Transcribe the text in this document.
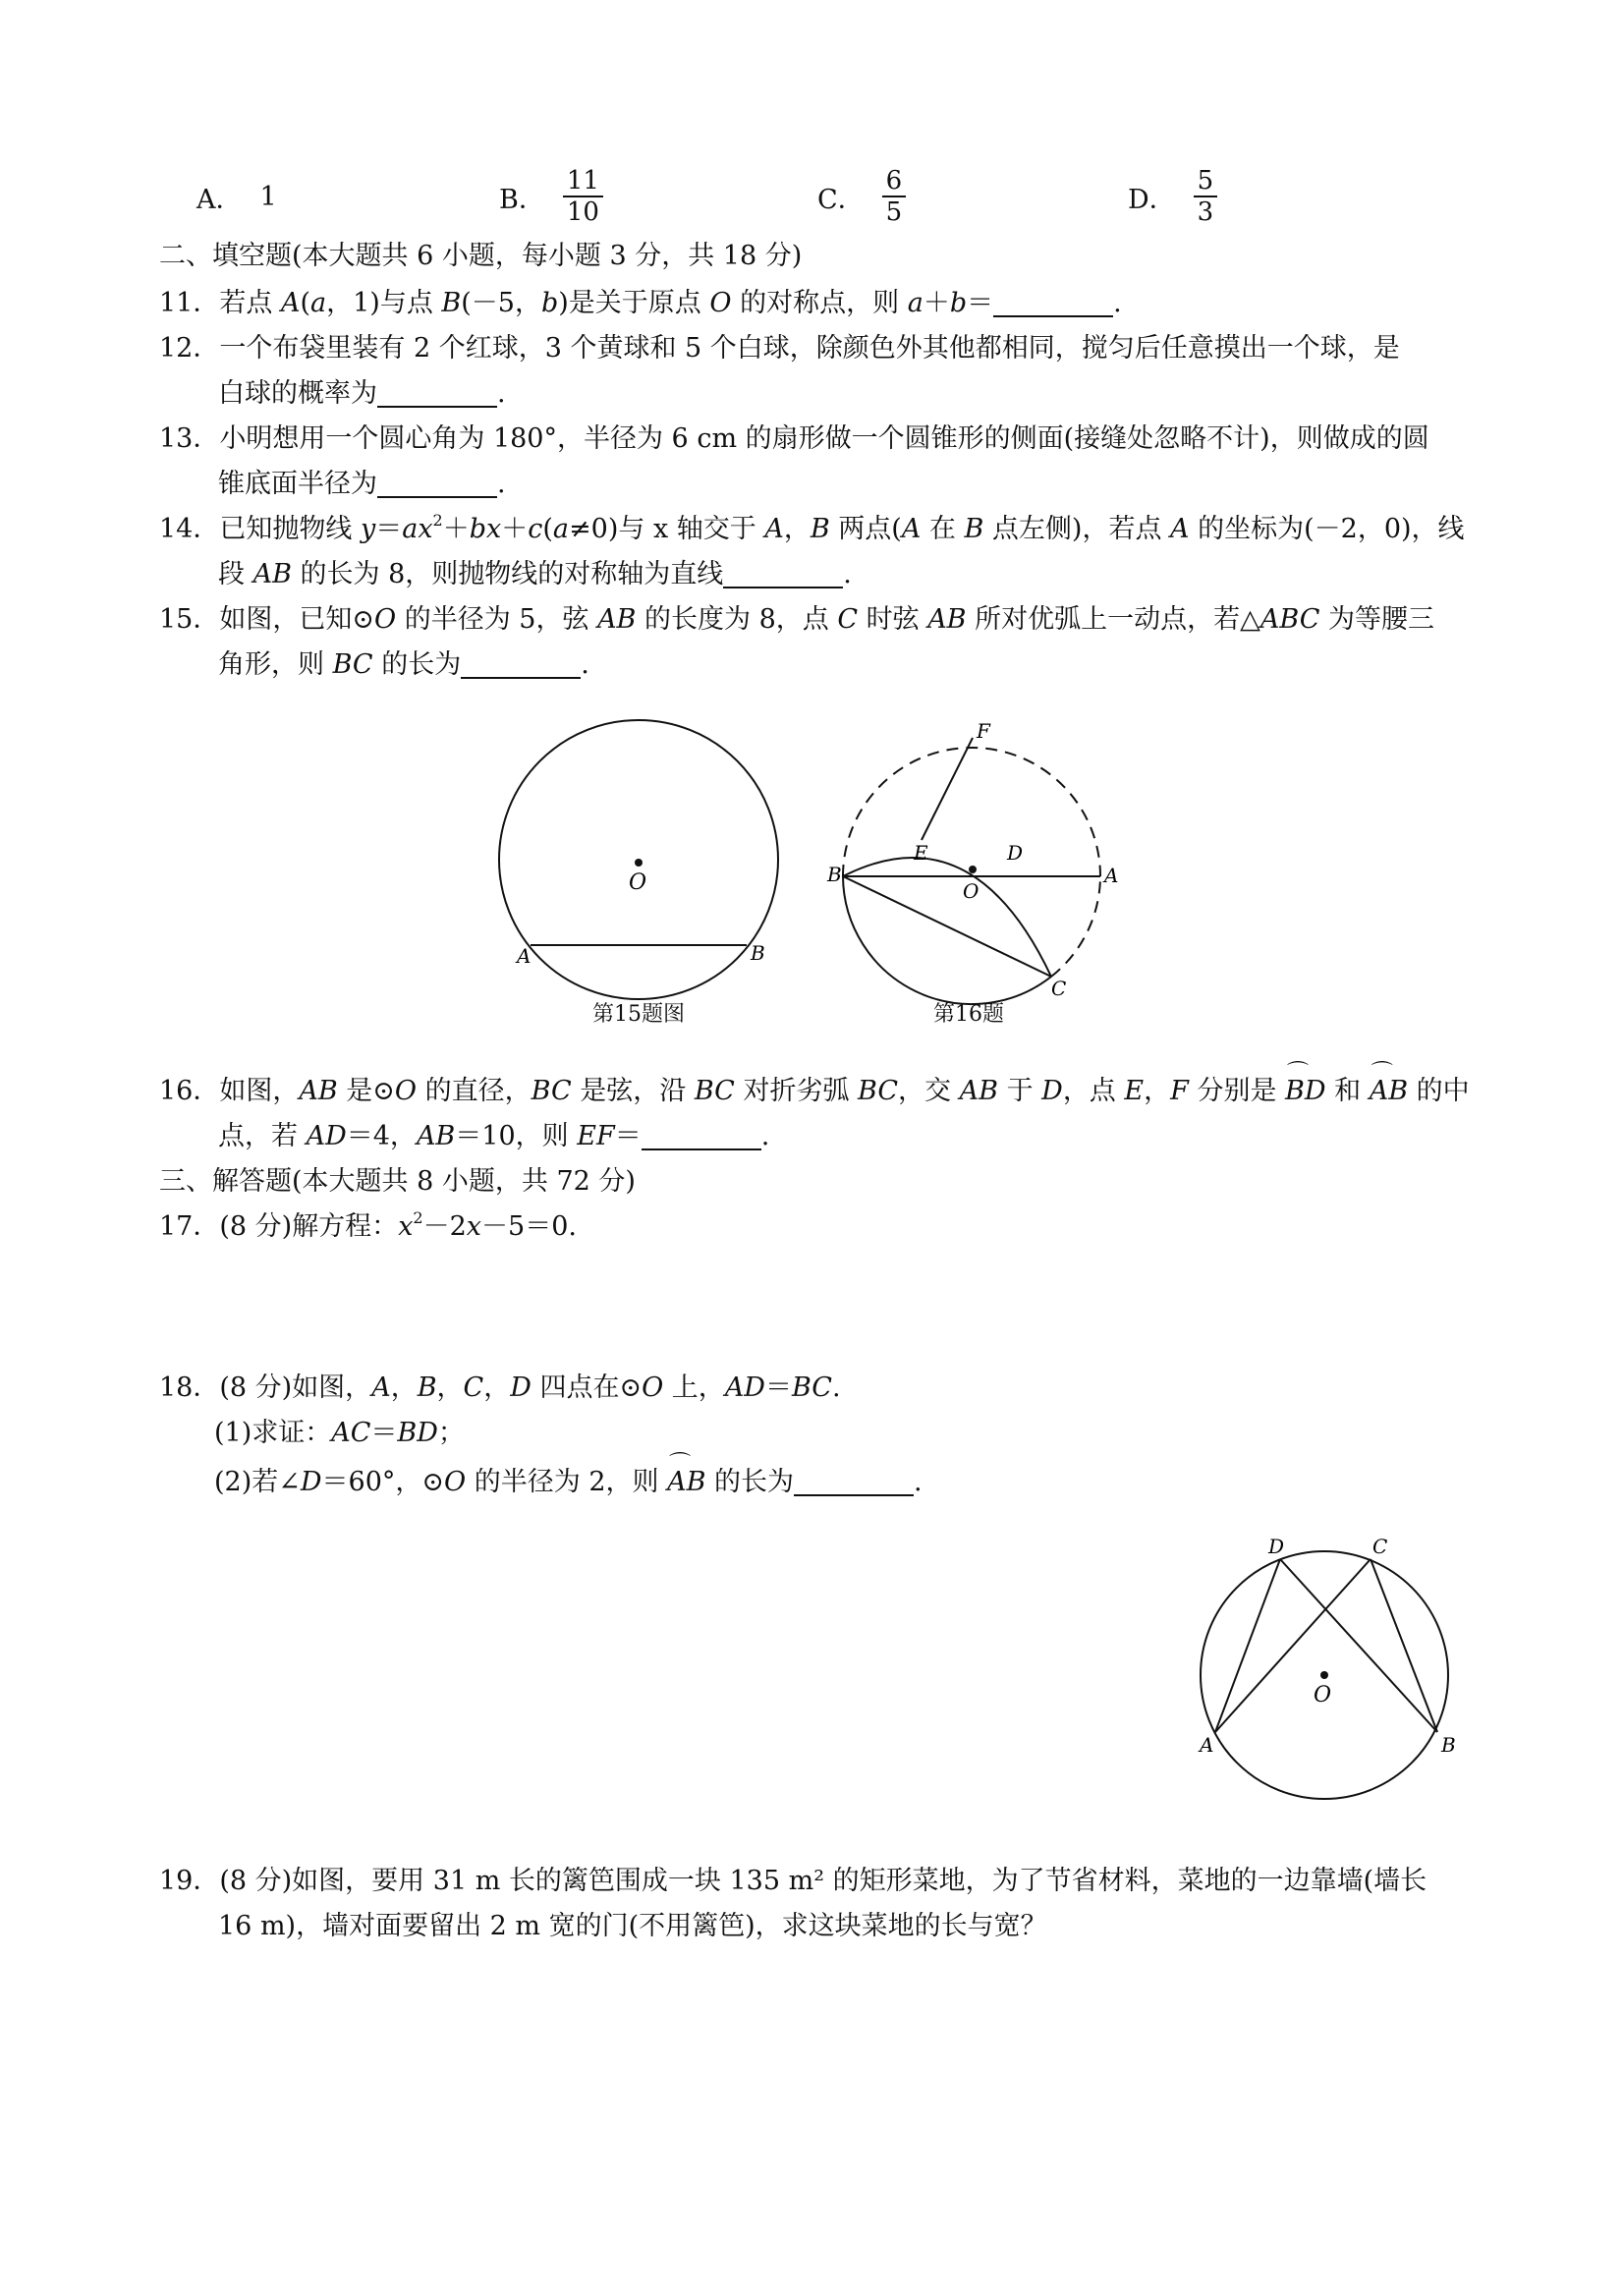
A． 1	B． $\frac{11}{10}$	C． $\frac{6}{5}$	D． $\frac{5}{3}$
二、填空题(本大题共 6 小题，每小题 3 分，共 18 分)
11．若点 A(a，1)与点 B(－5，b)是关于原点 O 的对称点，则 a＋b＝	.
12．一个布袋里装有 2 个红球，3 个黄球和 5 个白球，除颜色外其他都相同，搅匀后任意摸出一个球，是
白球的概率为	.
13．小明想用一个圆心角为 180°，半径为 6 cm 的扇形做一个圆锥形的侧面(接缝处忽略不计)，则做成的圆
锥底面半径为	.
14．已知抛物线 $y=ax^2+bx+c(a\ne 0)$与 x 轴交于 A，B 两点(A 在 B 点左侧)，若点 A 的坐标为(－2，0)，线
段 AB 的长为 8，则抛物线的对称轴为直线	.
15．如图，已知⊙O 的半径为 5，弦 AB 的长度为 8，点 C 时弦 AB 所对优弧上一动点，若△ABC 为等腰三
角形，则 BC 的长为	.
O
A	B
F
E	D
O
B	A
C
第15题图	第16题
16．如图，AB 是⊙O 的直径，BC 是弦，沿 BC 对折劣弧 BC，交 AB 于 D，点 E，F 分别是 ⌒ BD 和 ⌒ AB 的中
点，若 AD＝4，AB＝10，则 EF＝	.
三、解答题(本大题共 8 小题，共 72 分)
17．(8 分)解方程：$x^2-2x-5=0$.
18．(8 分)如图，A，B，C，D 四点在⊙O 上，AD＝BC.
(1)求证：AC＝BD；
(2)若∠D＝60°，⊙O 的半径为 2，则 ⌒ AB 的长为	.
O
D	C
A	B
19．(8 分)如图，要用 31 m 长的篱笆围成一块 135 m² 的矩形菜地，为了节省材料，菜地的一边靠墙(墙长
16 m)，墙对面要留出 2 m 宽的门(不用篱笆)，求这块菜地的长与宽？
